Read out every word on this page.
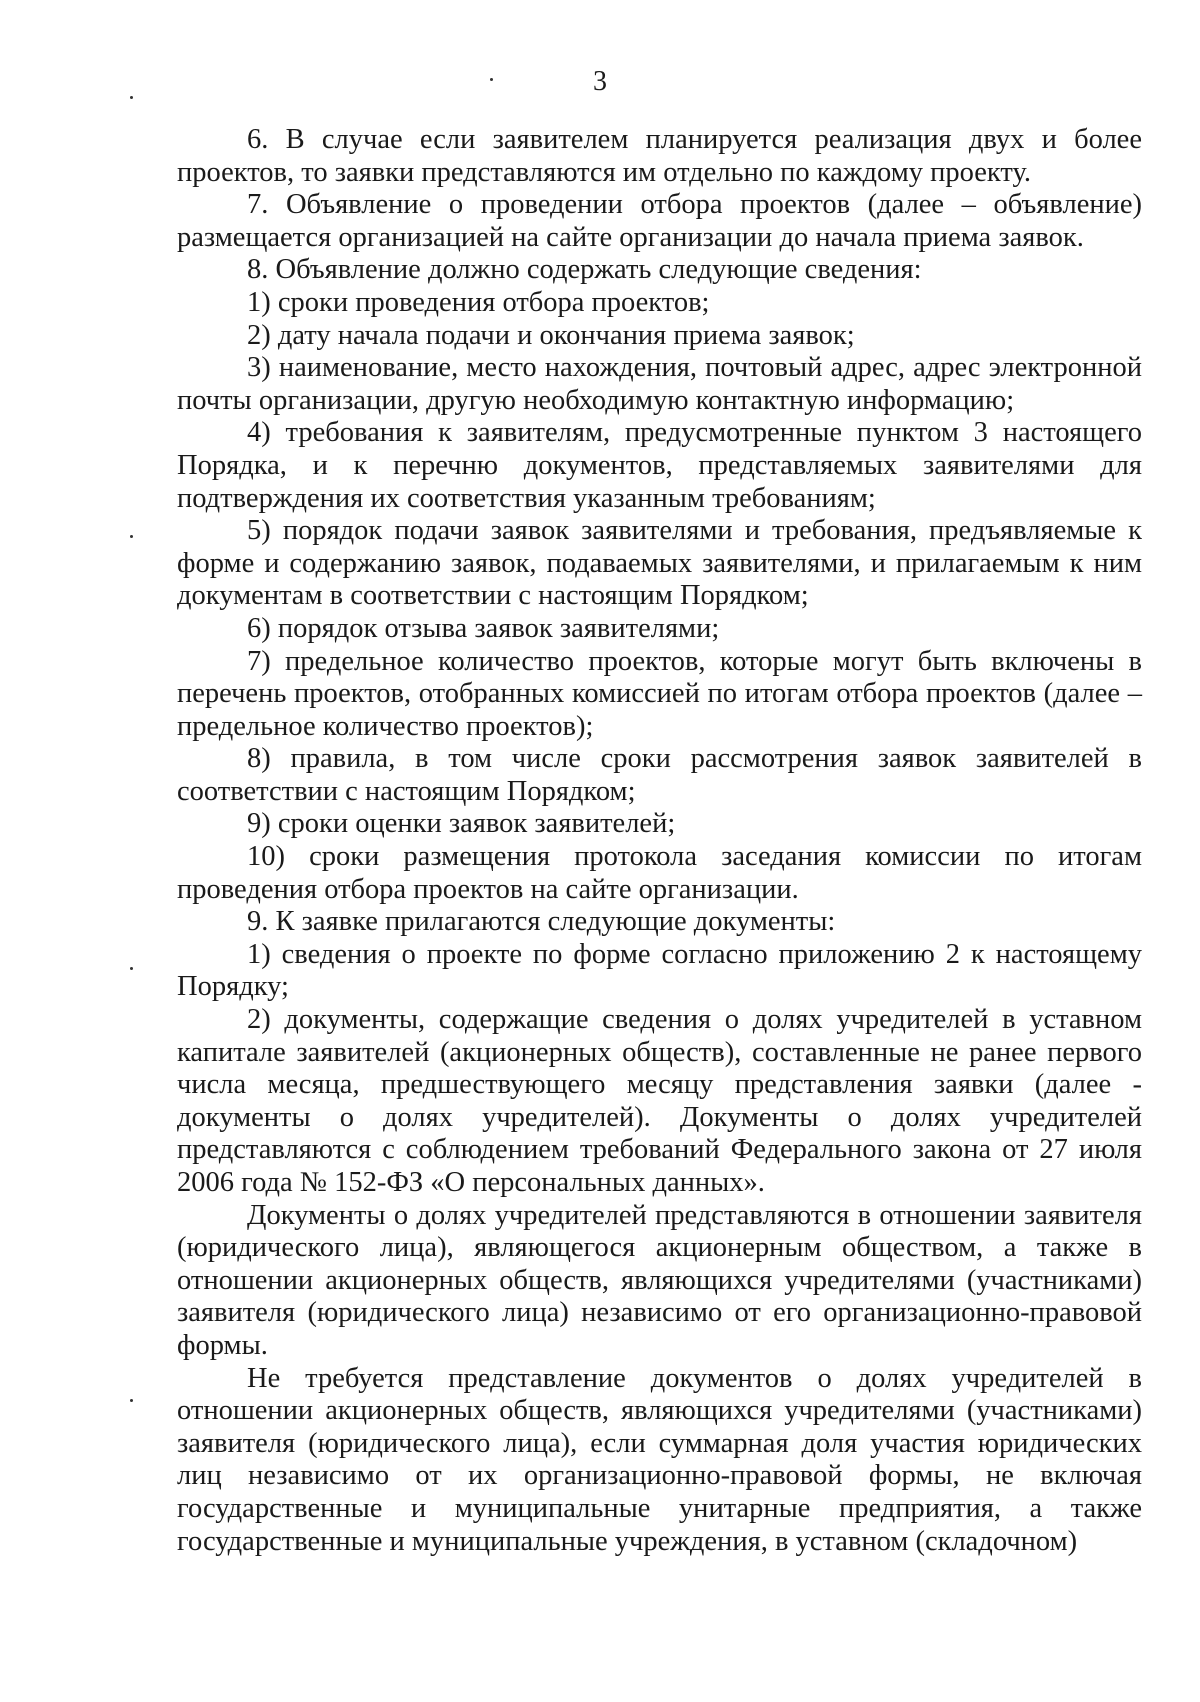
3

6. В случае если заявителем планируется реализация двух и более проектов, то заявки представляются им отдельно по каждому проекту.

7. Объявление о проведении отбора проектов (далее – объявление) размещается организацией на сайте организации до начала приема заявок.

8. Объявление должно содержать следующие сведения:

1) сроки проведения отбора проектов;

2) дату начала подачи и окончания приема заявок;

3) наименование, место нахождения, почтовый адрес, адрес электронной почты организации, другую необходимую контактную информацию;

4) требования к заявителям, предусмотренные пунктом 3 настоящего Порядка, и к перечню документов, представляемых заявителями для подтверждения их соответствия указанным требованиям;

5) порядок подачи заявок заявителями и требования, предъявляемые к форме и содержанию заявок, подаваемых заявителями, и прилагаемым к ним документам в соответствии с настоящим Порядком;

6) порядок отзыва заявок заявителями;

7) предельное количество проектов, которые могут быть включены в перечень проектов, отобранных комиссией по итогам отбора проектов (далее – предельное количество проектов);

8) правила, в том числе сроки рассмотрения заявок заявителей в соответствии с настоящим Порядком;

9) сроки оценки заявок заявителей;

10) сроки размещения протокола заседания комиссии по итогам проведения отбора проектов на сайте организации.

9. К заявке прилагаются следующие документы:

1) сведения о проекте по форме согласно приложению 2 к настоящему Порядку;

2) документы, содержащие сведения о долях учредителей в уставном капитале заявителей (акционерных обществ), составленные не ранее первого числа месяца, предшествующего месяцу представления заявки (далее - документы о долях учредителей). Документы о долях учредителей представляются с соблюдением требований Федерального закона от 27 июля 2006 года № 152-ФЗ «О персональных данных».

Документы о долях учредителей представляются в отношении заявителя (юридического лица), являющегося акционерным обществом, а также в отношении акционерных обществ, являющихся учредителями (участниками) заявителя (юридического лица) независимо от его организационно-правовой формы.

Не требуется представление документов о долях учредителей в отношении акционерных обществ, являющихся учредителями (участниками) заявителя (юридического лица), если суммарная доля участия юридических лиц независимо от их организационно-правовой формы, не включая государственные и муниципальные унитарные предприятия, а также государственные и муниципальные учреждения, в уставном (складочном)
